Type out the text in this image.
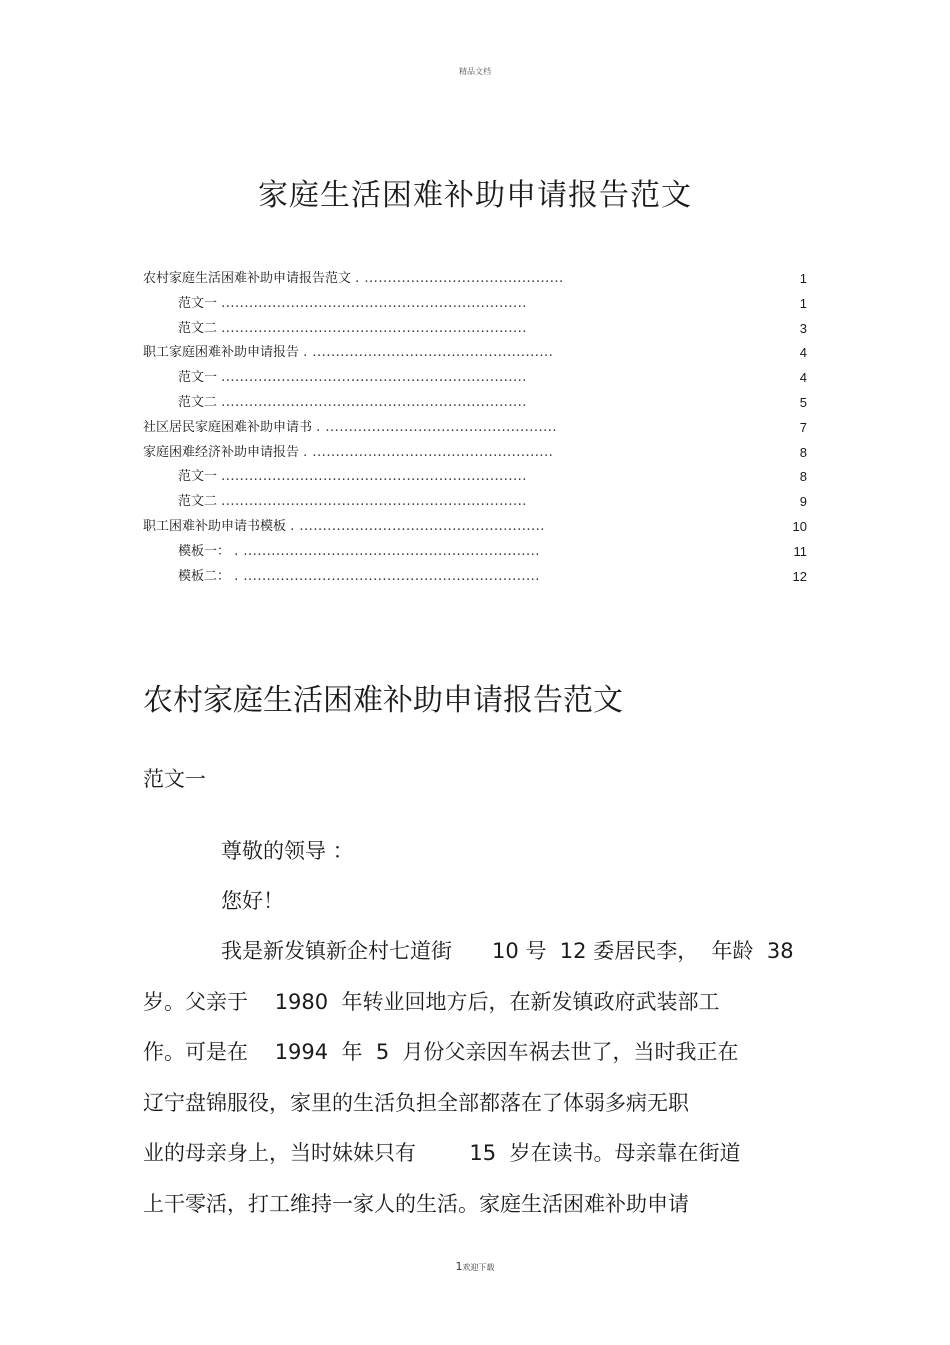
精品文档
家庭生活困难补助申请报告范文
农村家庭生活困难补助申请报告范文 . ...........................................	1
范文一 ..................................................................	1
范文二 ..................................................................	3
职工家庭困难补助申请报告 . ....................................................	4
范文一 ..................................................................	4
范文二 ..................................................................	5
社区居民家庭困难补助申请书 . ..................................................	7
家庭困难经济补助申请报告 . ....................................................	8
范文一 ..................................................................	8
范文二 ..................................................................	9
职工困难补助申请书模板 . .....................................................	10
模板一： . ................................................................	11
模板二： . ................................................................	12
农村家庭生活困难补助申请报告范文
范文一
尊敬的领导 ：
您好！
我是新发镇新企村七道街      10 号  12 委居民李，  年龄  38
岁。父亲于    1980  年转业回地方后，在新发镇政府武装部工
作。可是在    1994  年  5  月份父亲因车祸去世了，当时我正在
辽宁盘锦服役，家里的生活负担全部都落在了体弱多病无职
业的母亲身上，当时妹妹只有        15  岁在读书。母亲靠在街道
上干零活，打工维持一家人的生活。家庭生活困难补助申请
1欢迎下载
